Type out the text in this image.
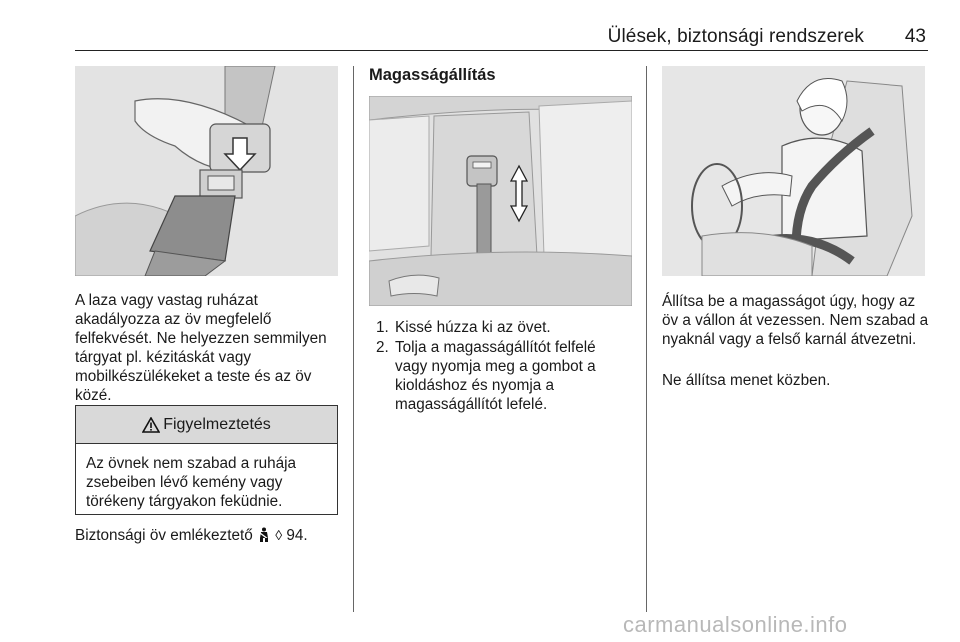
Ülések, biztonsági rendszerek 43
A laza vagy vastag ruházat akadályozza az öv megfelelő felfekvését. Ne helyezzen semmilyen tárgyat pl. kézitáskát vagy mobilkészülékeket a teste és az öv közé.
Figyelmeztetés
Az övnek nem szabad a ruhája zsebeiben lévő kemény vagy törékeny tárgyakon feküdnie.
Biztonsági öv emlékeztető ◊ 94.
Magasságállítás
1. Kissé húzza ki az övet.
2. Tolja a magasságállítót felfelé vagy nyomja meg a gombot a kioldáshoz és nyomja a magasságállítót lefelé.
Állítsa be a magasságot úgy, hogy az öv a vállon át vezessen. Nem szabad a nyaknál vagy a felső karnál átvezetni.
Ne állítsa menet közben.
carmanualsonline.info
